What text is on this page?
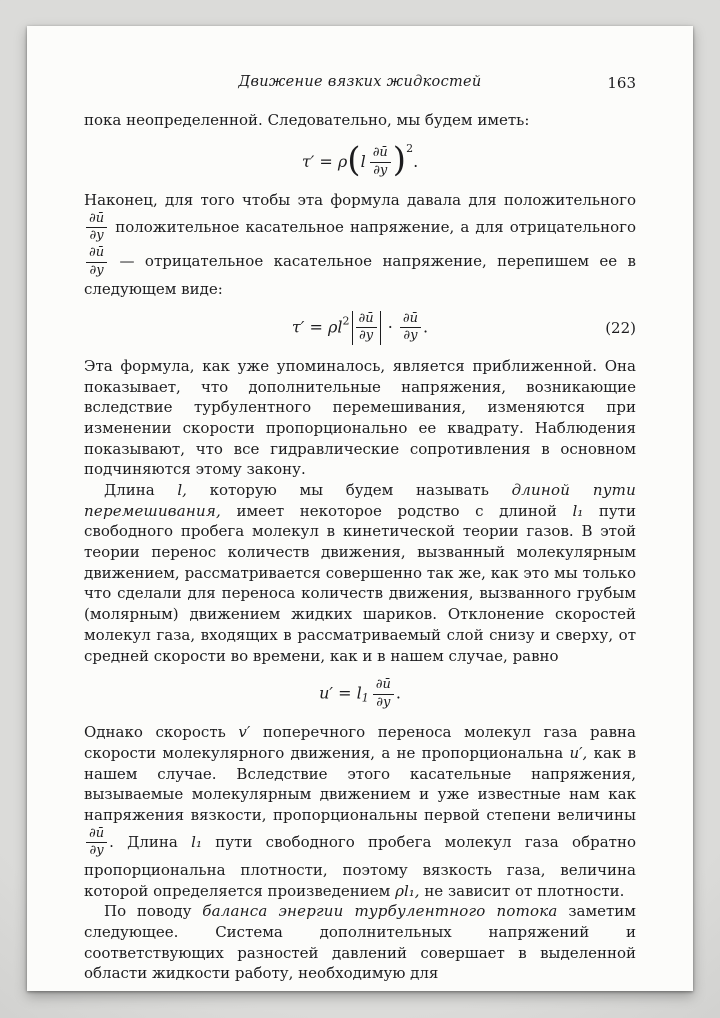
Движение вязких жидкостей	163

пока неопределенной. Следовательно, мы будем иметь:

$\tau' = \rho(l \frac{\partial ū}{\partial y} )^2$.

Наконец, для того чтобы эта формула давала для положительного
$\frac{\partial ū}{\partial y}$ положительное касательное напряжение, а для отрицательного
$\frac{\partial ū}{\partial y}$ — отрицательное касательное напряжение, перепишем ее в следующем виде:

$\tau' = \rho l^2 \frac{\partial ū}{\partial y} \cdot \frac{\partial ū}{\partial y}$ .	(22)

Эта формула, как уже упоминалось, является приближенной. Она показывает, что дополнительные напряжения, возникающие вследствие турбулентного перемешивания, изменяются при изменении скорости пропорционально ее квадрату. Наблюдения показывают, что все гидравлические сопротивления в основном подчиняются этому закону.

Длина l, которую мы будем называть длиной пути перемешивания, имеет некоторое родство с длиной l₁ пути свободного пробега молекул в кинетической теории газов. В этой теории перенос количеств движения, вызванный молекулярным движением, рассматривается совершенно так же, как это мы только что сделали для переноса количеств движения, вызванного грубым (молярным) движением жидких шариков. Отклонение скоростей молекул газа, входящих в рассматриваемый слой снизу и сверху, от средней скорости во времени, как и в нашем случае, равно

$u' = l_1 \frac{\partial ū}{\partial y}$ .

Однако скорость v′ поперечного переноса молекул газа равна скорости молекулярного движения, а не пропорциональна u′, как в нашем случае. Вследствие этого касательные напряжения, вызываемые молекулярным движением и уже известные нам как напряжения вязкости, пропорциональны первой степени величины
$\frac{\partial ū}{\partial y}$ . Длина l₁ пути свободного пробега молекул газа обратно пропорциональна плотности, поэтому вязкость газа, величина которой определяется произведением ρl₁, не зависит от плотности.

По поводу баланса энергии турбулентного потока заметим следующее. Система дополнительных напряжений и соответствующих разностей давлений совершает в выделенной области жидкости работу, необходимую для
